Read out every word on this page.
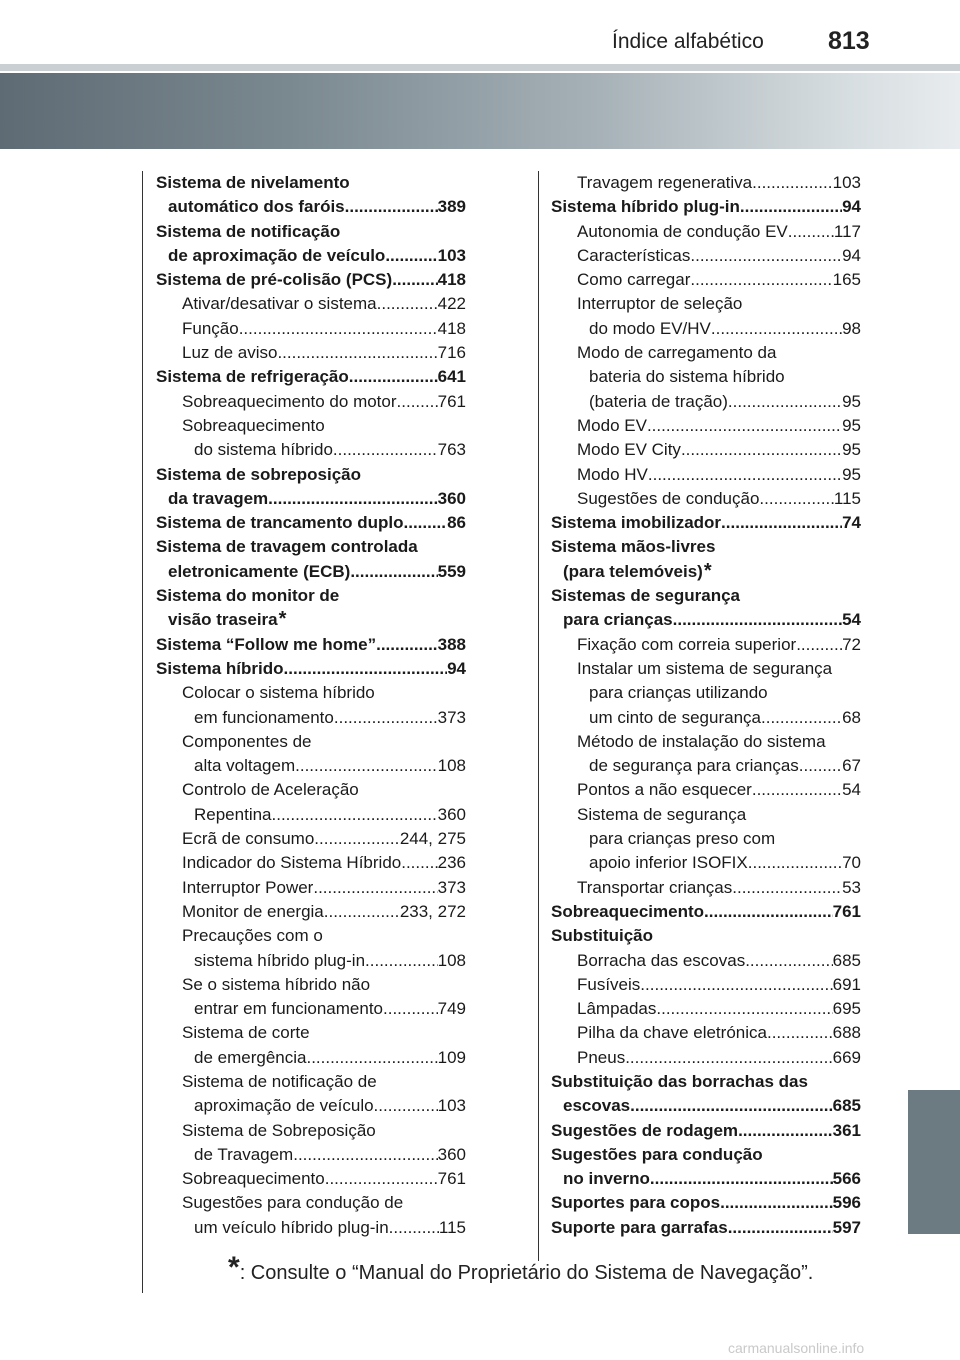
Índice alfabético	813
Sistema de nivelamento
automático dos faróis .....	389
Sistema de notificação
de aproximação de veículo .....	103
Sistema de pré-colisão (PCS) .....	418
Ativar/desativar o sistema .....	422
Função .....	418
Luz de aviso .....	716
Sistema de refrigeração .....	641
Sobreaquecimento do motor ..... 761
Sobreaquecimento
do sistema híbrido .....	763
Sistema de sobreposição
da travagem .....	360
Sistema de trancamento duplo .....	86
Sistema de travagem controlada
eletronicamente (ECB) .....	559
Sistema do monitor de
visão traseira *
Sistema “Follow me home” .....	388
Sistema híbrido .....	94
Colocar o sistema híbrido
em funcionamento .....	373
Componentes de
alta voltagem .....	108
Controlo de Aceleração
Repentina .....	360
Ecrã de consumo .....	244, 275
Indicador do Sistema Híbrido ..... 236
Interruptor Power .....	373
Monitor de energia .....	233, 272
Precauções com o
sistema híbrido plug-in .....	108
Se o sistema híbrido não
entrar em funcionamento .....	749
Sistema de corte
de emergência .....	109
Sistema de notificação de
aproximação de veículo .....	103
Sistema de Sobreposição
de Travagem .....	360
Sobreaquecimento .....	761
Sugestões para condução de
um veículo híbrido plug-in .....	115
Travagem regenerativa .....	103
Sistema híbrido plug-in .....	94
Autonomia de condução EV .....	117
Características .....	94
Como carregar .....	165
Interruptor de seleção
do modo EV/HV .....	98
Modo de carregamento da
bateria do sistema híbrido
(bateria de tração) .....	95
Modo EV .....	95
Modo EV City .....	95
Modo HV .....	95
Sugestões de condução .....	115
Sistema imobilizador .....	74
Sistema mãos-livres
(para telemóveis) *
Sistemas de segurança
para crianças .....	54
Fixação com correia superior .....	72
Instalar um sistema de segurança
para crianças utilizando
um cinto de segurança .....	68
Método de instalação do sistema
de segurança para crianças .....	67
Pontos a não esquecer .....	54
Sistema de segurança
para crianças preso com
apoio inferior ISOFIX .....	70
Transportar crianças .....	53
Sobreaquecimento .....	761
Substituição
Borracha das escovas .....	685
Fusíveis .....	691
Lâmpadas .....	695
Pilha da chave eletrónica .....	688
Pneus .....	669
Substituição das borrachas das
escovas .....	685
Sugestões de rodagem .....	361
Sugestões para condução
no inverno .....	566
Suportes para copos .....	596
Suporte para garrafas .....	597
*: Consulte o “Manual do Proprietário do Sistema de Navegação”.
carmanualsonline.info
